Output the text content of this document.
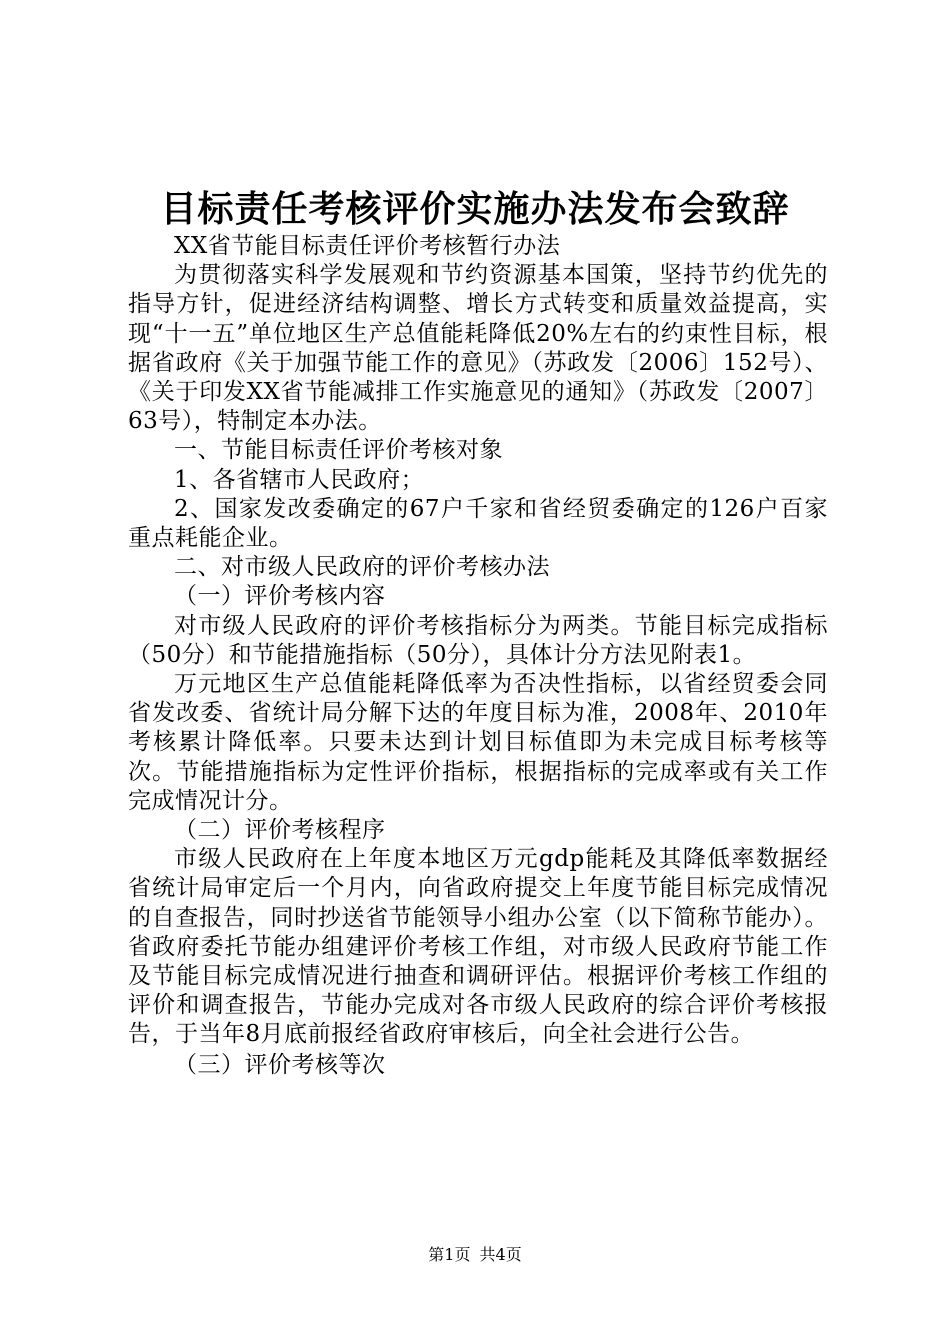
目标责任考核评价实施办法发布会致辞

XX省节能目标责任评价考核暂行办法

为贯彻落实科学发展观和节约资源基本国策，坚持节约优先的指导方针，促进经济结构调整、增长方式转变和质量效益提高，实现“十一五”单位地区生产总值能耗降低20%左右的约束性目标，根据省政府《关于加强节能工作的意见》（苏政发〔2006〕152号）、《关于印发XX省节能减排工作实施意见的通知》（苏政发〔2007〕63号），特制定本办法。

一、节能目标责任评价考核对象

1、各省辖市人民政府；

2、国家发改委确定的67户千家和省经贸委确定的126户百家重点耗能企业。

二、对市级人民政府的评价考核办法

（一）评价考核内容

对市级人民政府的评价考核指标分为两类。节能目标完成指标（50分）和节能措施指标（50分），具体计分方法见附表1。

万元地区生产总值能耗降低率为否决性指标，以省经贸委会同省发改委、省统计局分解下达的年度目标为准，2008年、2010年考核累计降低率。只要未达到计划目标值即为未完成目标考核等次。节能措施指标为定性评价指标，根据指标的完成率或有关工作完成情况计分。

（二）评价考核程序

市级人民政府在上年度本地区万元gdp能耗及其降低率数据经省统计局审定后一个月内，向省政府提交上年度节能目标完成情况的自查报告，同时抄送省节能领导小组办公室（以下简称节能办）。省政府委托节能办组建评价考核工作组，对市级人民政府节能工作及节能目标完成情况进行抽查和调研评估。根据评价考核工作组的评价和调查报告，节能办完成对各市级人民政府的综合评价考核报告，于当年8月底前报经省政府审核后，向全社会进行公告。

（三）评价考核等次

第1页 共4页
